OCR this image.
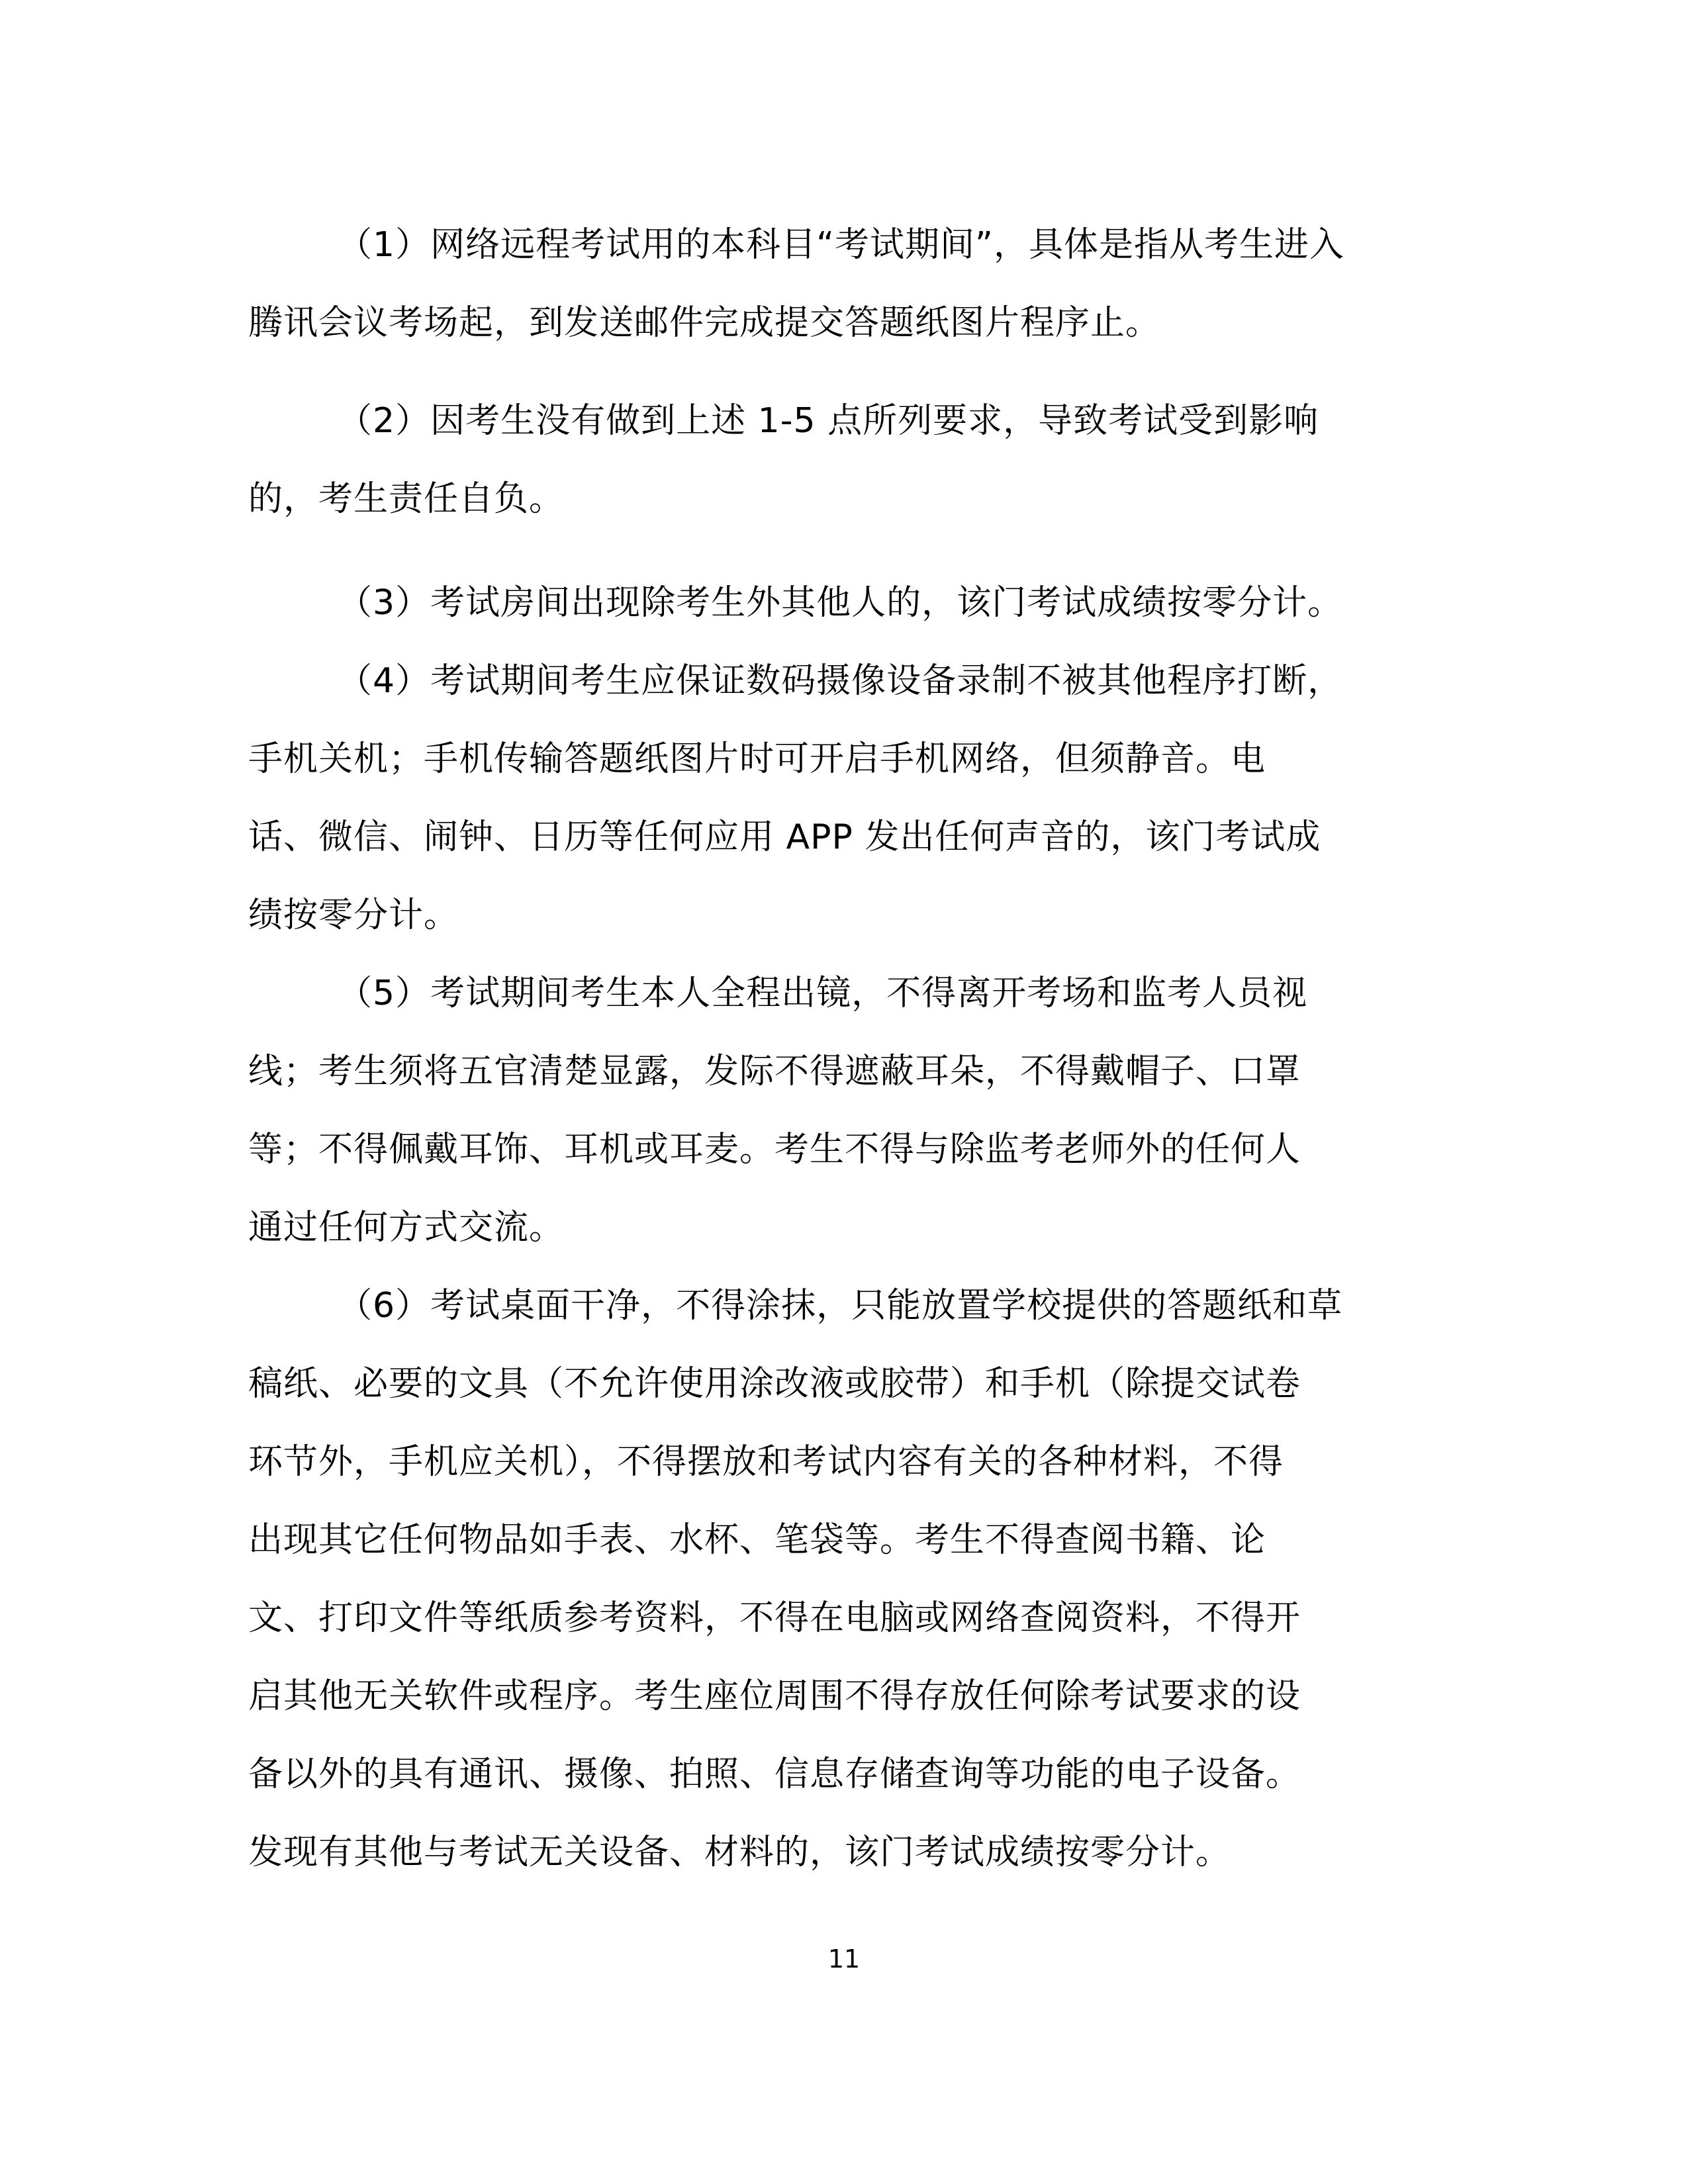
（1）网络远程考试用的本科目“考试期间”，具体是指从考生进入
腾讯会议考场起，到发送邮件完成提交答题纸图片程序止。
（2）因考生没有做到上述 1-5 点所列要求，导致考试受到影响
的，考生责任自负。
（3）考试房间出现除考生外其他人的，该门考试成绩按零分计。
（4）考试期间考生应保证数码摄像设备录制不被其他程序打断，
手机关机；手机传输答题纸图片时可开启手机网络，但须静音。电
话、微信、闹钟、日历等任何应用 APP 发出任何声音的，该门考试成
绩按零分计。
（5）考试期间考生本人全程出镜，不得离开考场和监考人员视
线；考生须将五官清楚显露，发际不得遮蔽耳朵，不得戴帽子、口罩
等；不得佩戴耳饰、耳机或耳麦。考生不得与除监考老师外的任何人
通过任何方式交流。
（6）考试桌面干净，不得涂抹，只能放置学校提供的答题纸和草
稿纸、必要的文具（不允许使用涂改液或胶带）和手机（除提交试卷
环节外，手机应关机），不得摆放和考试内容有关的各种材料，不得
出现其它任何物品如手表、水杯、笔袋等。考生不得查阅书籍、论
文、打印文件等纸质参考资料，不得在电脑或网络查阅资料，不得开
启其他无关软件或程序。考生座位周围不得存放任何除考试要求的设
备以外的具有通讯、摄像、拍照、信息存储查询等功能的电子设备。
发现有其他与考试无关设备、材料的，该门考试成绩按零分计。
11
